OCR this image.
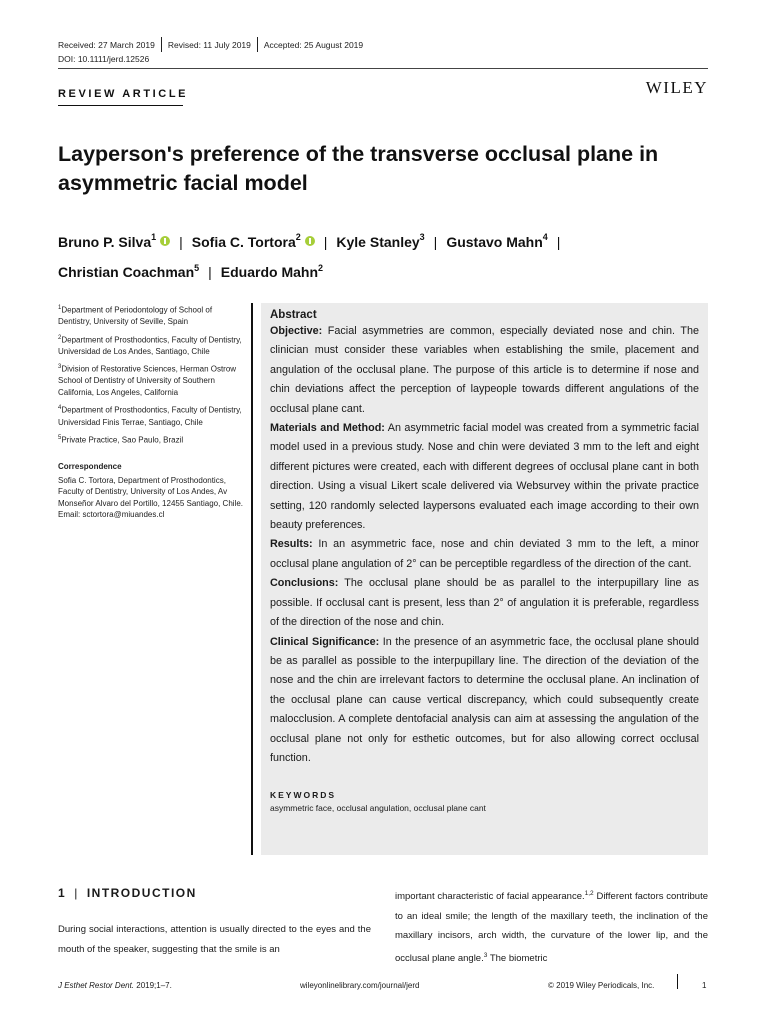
Received: 27 March 2019 Revised: 11 July 2019 Accepted: 25 August 2019
DOI: 10.1111/jerd.12526
WILEY
REVIEW ARTICLE
Layperson's preference of the transverse occlusal plane in asymmetric facial model
Bruno P. Silva$^1$ | Sofia C. Tortora$^2$ | Kyle Stanley$^3$ | Gustavo Mahn$^4$ |
Christian Coachman$^5$ | Eduardo Mahn$^2$

$^1$Department of Periodontology of School of Dentistry, University of Seville, Spain

$^2$Department of Prosthodontics, Faculty of Dentistry, Universidad de Los Andes, Santiago, Chile

$^3$Division of Restorative Sciences, Herman Ostrow School of Dentistry of University of Southern California, Los Angeles, California

$^4$Department of Prosthodontics, Faculty of Dentistry, Universidad Finis Terrae, Santiago, Chile

$^5$Private Practice, Sao Paulo, Brazil

Correspondence

Sofia C. Tortora, Department of Prosthodontics, Faculty of Dentistry, University of Los Andes, Av Monseñor Alvaro del Portillo, 12455 Santiago, Chile.
Email: sctortora@miuandes.cl

Abstract

Objective: Facial asymmetries are common, especially deviated nose and chin. The clinician must consider these variables when establishing the smile, placement and angulation of the occlusal plane. The purpose of this article is to determine if nose and chin deviations affect the perception of laypeople towards different angulations of the occlusal plane cant.

Materials and Method: An asymmetric facial model was created from a symmetric facial model used in a previous study. Nose and chin were deviated 3 mm to the left and eight different pictures were created, each with different degrees of occlusal plane cant in both direction. Using a visual Likert scale delivered via Websurvey within the private practice setting, 120 randomly selected laypersons evaluated each image according to their own beauty preferences.

Results: In an asymmetric face, nose and chin deviated 3 mm to the left, a minor occlusal plane angulation of 2° can be perceptible regardless of the direction of the cant.

Conclusions: The occlusal plane should be as parallel to the interpupillary line as possible. If occlusal cant is present, less than 2° of angulation it is preferable, regardless of the direction of the nose and chin.

Clinical Significance: In the presence of an asymmetric face, the occlusal plane should be as parallel as possible to the interpupillary line. The direction of the deviation of the nose and the chin are irrelevant factors to determine the occlusal plane. An inclination of the occlusal plane can cause vertical discrepancy, which could subsequently create malocclusion. A complete dentofacial analysis can aim at assessing the angulation of the occlusal plane not only for esthetic outcomes, but for also allowing correct occlusal function.

KEYWORDS
asymmetric face, occlusal angulation, occlusal plane cant
1 | INTRODUCTION
During social interactions, attention is usually directed to the eyes and the mouth of the speaker, suggesting that the smile is an
important characteristic of facial appearance.$^{1,2}$ Different factors contribute to an ideal smile; the length of the maxillary teeth, the inclination of the maxillary incisors, arch width, the curvature of the lower lip, and the occlusal plane angle.$^3$ The biometric
J Esthet Restor Dent. 2019;1–7.	wileyonlinelibrary.com/journal/jerd	© 2019 Wiley Periodicals, Inc.	1
